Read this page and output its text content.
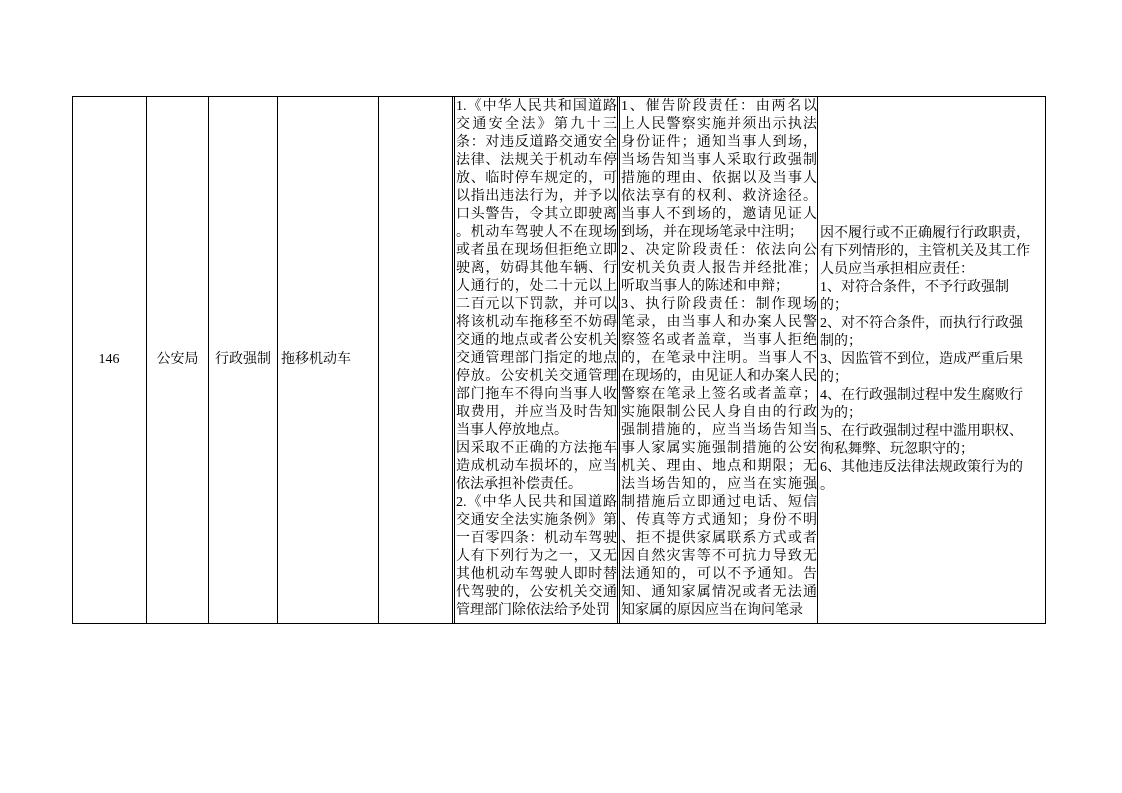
146	公安局 行政强制 拖移机动车
1.《中华人民共和国道路
交通安全法》第九十三
条：对违反道路交通安全
法律、法规关于机动车停
放、临时停车规定的，可
以指出违法行为，并予以
口头警告，令其立即驶离
。机动车驾驶人不在现场
或者虽在现场但拒绝立即
驶离，妨碍其他车辆、行
人通行的，处二十元以上
二百元以下罚款，并可以
将该机动车拖移至不妨碍
交通的地点或者公安机关
交通管理部门指定的地点
停放。公安机关交通管理
部门拖车不得向当事人收
取费用，并应当及时告知
当事人停放地点。
因采取不正确的方法拖车
造成机动车损坏的，应当
依法承担补偿责任。
2.《中华人民共和国道路
交通安全法实施条例》第
一百零四条：机动车驾驶
人有下列行为之一，又无
其他机动车驾驶人即时替
代驾驶的，公安机关交通
管理部门除依法给予处罚
1、催告阶段责任：由两名以
上人民警察实施并须出示执法
身份证件；通知当事人到场，
当场告知当事人采取行政强制
措施的理由、依据以及当事人
依法享有的权利、救济途径。
当事人不到场的，邀请见证人
到场，并在现场笔录中注明；
2、决定阶段责任：依法向公
安机关负责人报告并经批准；
听取当事人的陈述和申辩；
3、执行阶段责任：制作现场
笔录，由当事人和办案人民警
察签名或者盖章，当事人拒绝
的，在笔录中注明。当事人不
在现场的，由见证人和办案人民
警察在笔录上签名或者盖章；
实施限制公民人身自由的行政
强制措施的，应当当场告知当
事人家属实施强制措施的公安
机关、理由、地点和期限；无
法当场告知的，应当在实施强
制措施后立即通过电话、短信
、传真等方式通知；身份不明
、拒不提供家属联系方式或者
因自然灾害等不可抗力导致无
法通知的，可以不予通知。告
知、通知家属情况或者无法通
知家属的原因应当在询问笔录
因不履行或不正确履行行政职责，
有下列情形的，主管机关及其工作
人员应当承担相应责任：
1、对符合条件，不予行政强制
的；
2、对不符合条件，而执行行政强
制的；
3、因监管不到位，造成严重后果
的；
4、在行政强制过程中发生腐败行
为的；
5、在行政强制过程中滥用职权、
徇私舞弊、玩忽职守的；
6、其他违反法律法规政策行为的
。
